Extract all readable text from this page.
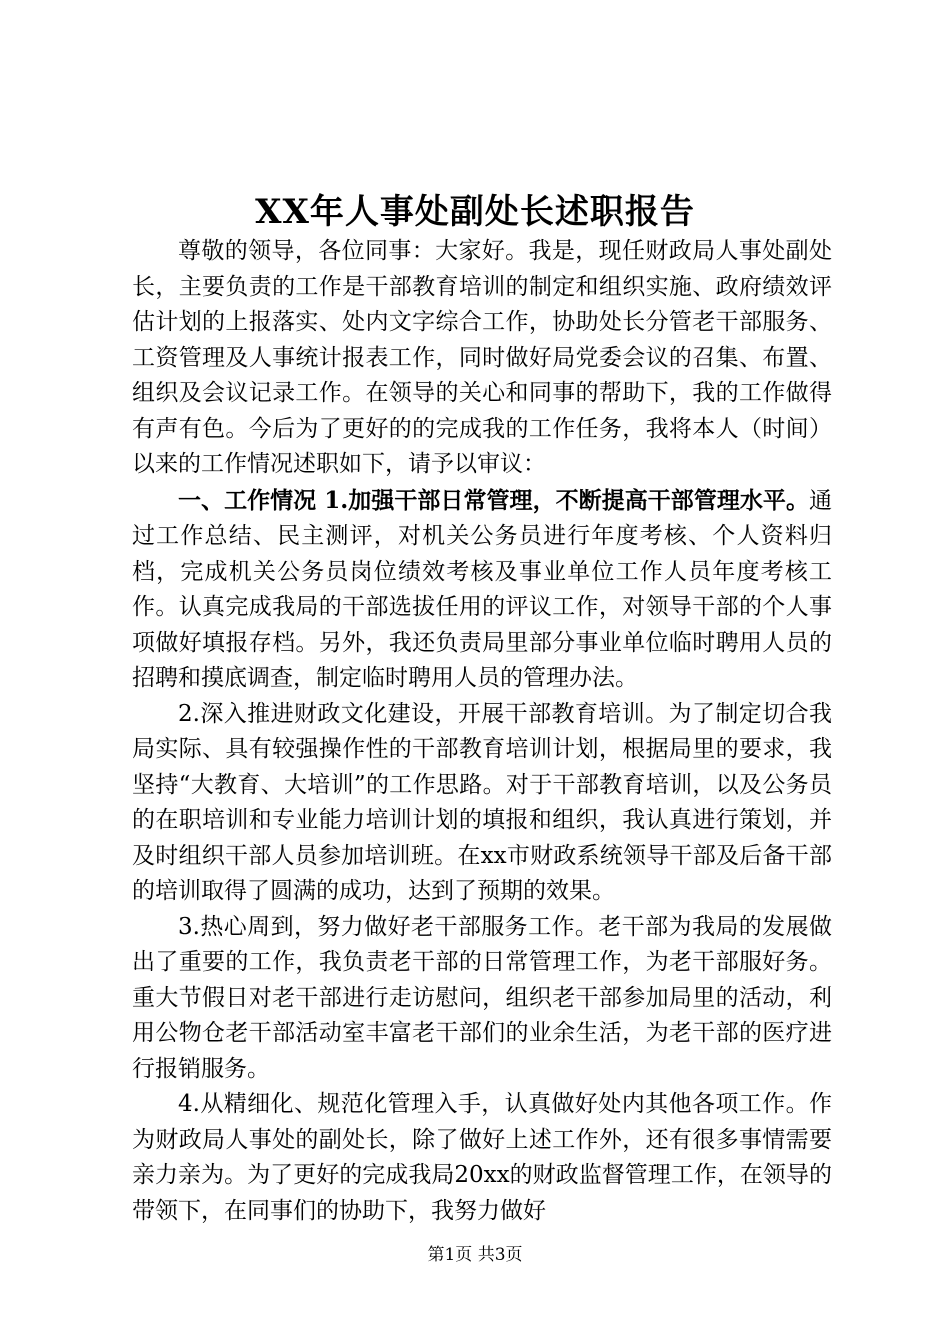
XX年人事处副处长述职报告

尊敬的领导，各位同事：大家好。我是，现任财政局人事处副处长，主要负责的工作是干部教育培训的制定和组织实施、政府绩效评估计划的上报落实、处内文字综合工作，协助处长分管老干部服务、工资管理及人事统计报表工作，同时做好局党委会议的召集、布置、组织及会议记录工作。在领导的关心和同事的帮助下，我的工作做得有声有色。今后为了更好的的完成我的工作任务，我将本人（时间）以来的工作情况述职如下，请予以审议：

一、工作情况 1.加强干部日常管理，不断提高干部管理水平。通过工作总结、民主测评，对机关公务员进行年度考核、个人资料归档，完成机关公务员岗位绩效考核及事业单位工作人员年度考核工作。认真完成我局的干部选拔任用的评议工作，对领导干部的个人事项做好填报存档。另外，我还负责局里部分事业单位临时聘用人员的招聘和摸底调查，制定临时聘用人员的管理办法。

2.深入推进财政文化建设，开展干部教育培训。为了制定切合我局实际、具有较强操作性的干部教育培训计划，根据局里的要求，我坚持“大教育、大培训”的工作思路。对于干部教育培训，以及公务员的在职培训和专业能力培训计划的填报和组织，我认真进行策划，并及时组织干部人员参加培训班。在xx市财政系统领导干部及后备干部的培训取得了圆满的成功，达到了预期的效果。

3.热心周到，努力做好老干部服务工作。老干部为我局的发展做出了重要的工作，我负责老干部的日常管理工作，为老干部服好务。重大节假日对老干部进行走访慰问，组织老干部参加局里的活动，利用公物仓老干部活动室丰富老干部们的业余生活，为老干部的医疗进行报销服务。

4.从精细化、规范化管理入手，认真做好处内其他各项工作。作为财政局人事处的副处长，除了做好上述工作外，还有很多事情需要亲力亲为。为了更好的完成我局20xx的财政监督管理工作，在领导的带领下，在同事们的协助下，我努力做好

第1页 共3页
